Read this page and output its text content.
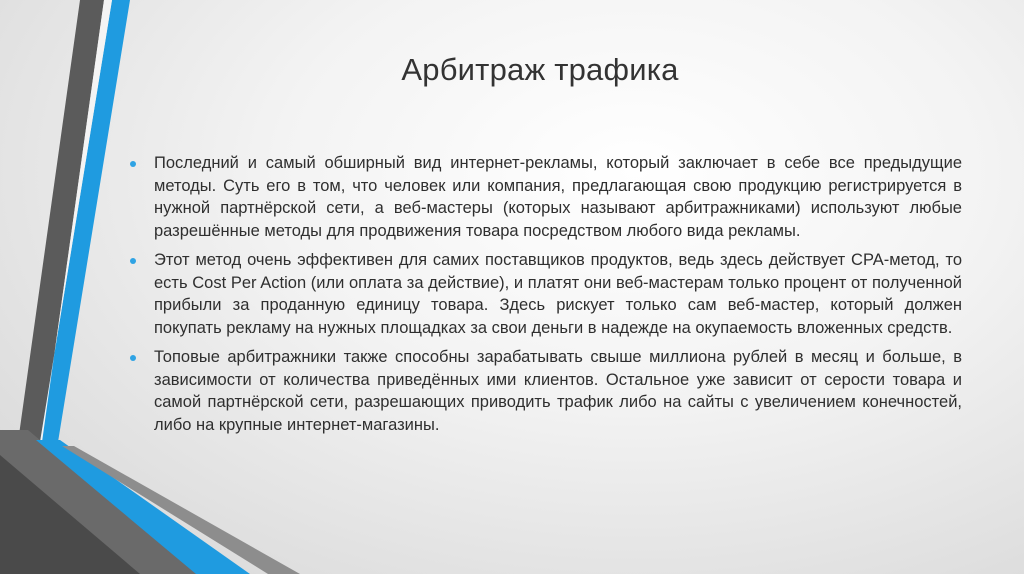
Арбитраж трафика
Последний и самый обширный вид интернет-рекламы, который заключает в себе все предыдущие методы. Суть его в том, что человек или компания, предлагающая свою продукцию регистрируется в нужной партнёрской сети, а веб-мастеры (которых называют арбитражниками) используют любые разрешённые методы для продвижения товара посредством любого вида рекламы.
Этот метод очень эффективен для самих поставщиков продуктов, ведь здесь действует CPA-метод, то есть Cost Per Action (или оплата за действие), и платят они веб-мастерам только процент от полученной прибыли за проданную единицу товара. Здесь рискует только сам веб-мастер, который должен покупать рекламу на нужных площадках за свои деньги в надежде на окупаемость вложенных средств.
Топовые арбитражники также способны зарабатывать свыше миллиона рублей в месяц и больше, в зависимости от количества приведённых ими клиентов. Остальное уже зависит от серости товара и самой партнёрской сети, разрешающих приводить трафик либо на сайты с увеличением конечностей, либо на крупные интернет-магазины.
